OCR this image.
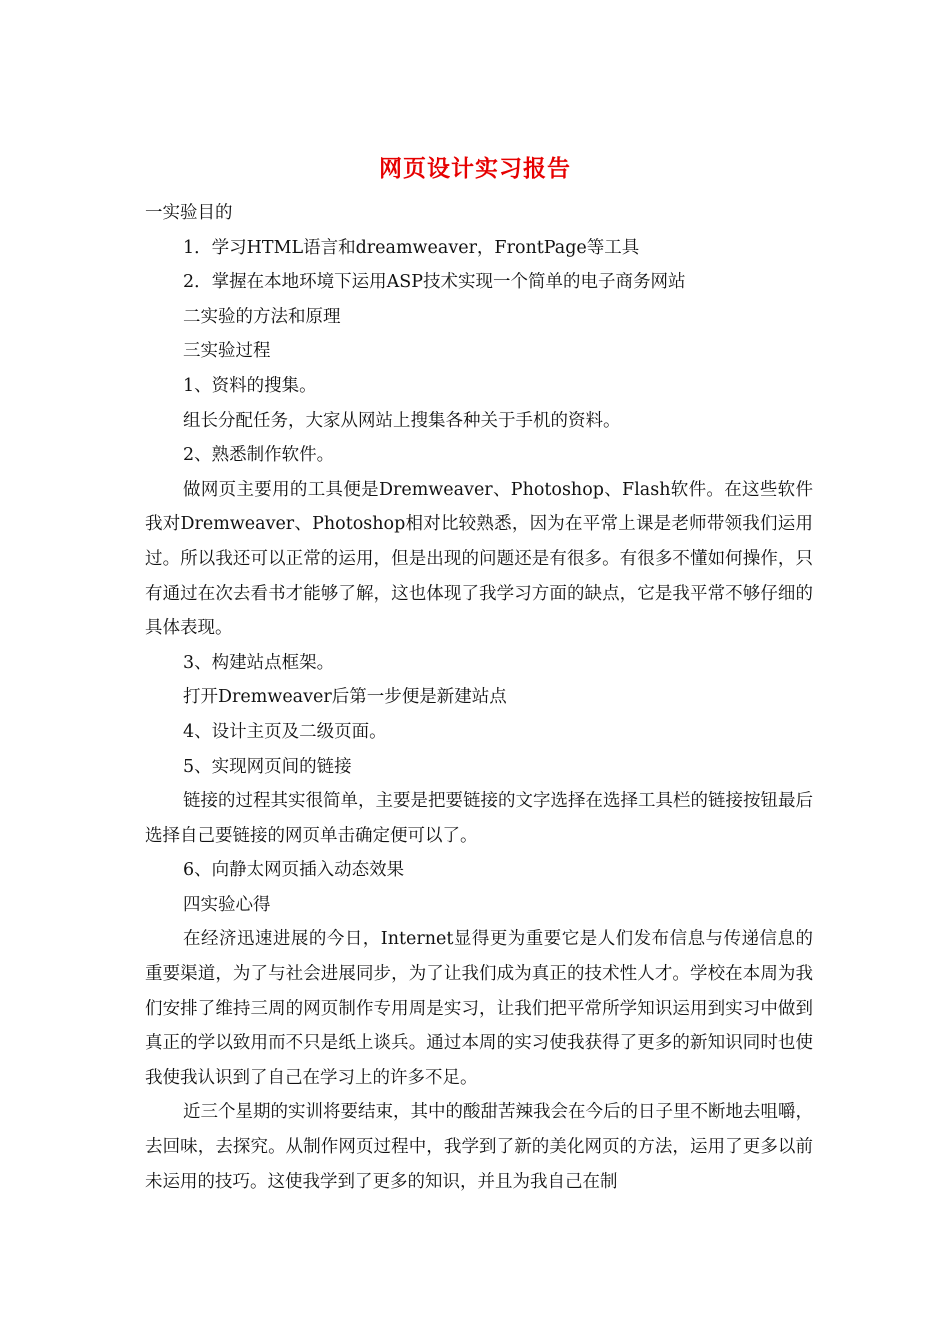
网页设计实习报告

一实验目的

1．学习HTML语言和dreamweaver，FrontPage等工具

2．掌握在本地环境下运用ASP技术实现一个简单的电子商务网站

二实验的方法和原理

三实验过程

1、资料的搜集。

组长分配任务，大家从网站上搜集各种关于手机的资料。

2、熟悉制作软件。

做网页主要用的工具便是Dremweaver、Photoshop、Flash软件。在这些软件我对Dremweaver、Photoshop相对比较熟悉，因为在平常上课是老师带领我们运用过。所以我还可以正常的运用，但是出现的问题还是有很多。有很多不懂如何操作，只有通过在次去看书才能够了解，这也体现了我学习方面的缺点，它是我平常不够仔细的具体表现。

3、构建站点框架。

打开Dremweaver后第一步便是新建站点

4、设计主页及二级页面。

5、实现网页间的链接

链接的过程其实很简单，主要是把要链接的文字选择在选择工具栏的链接按钮最后选择自己要链接的网页单击确定便可以了。

6、向静太网页插入动态效果

四实验心得

在经济迅速进展的今日，Internet显得更为重要它是人们发布信息与传递信息的重要渠道，为了与社会进展同步，为了让我们成为真正的技术性人才。学校在本周为我们安排了维持三周的网页制作专用周是实习，让我们把平常所学知识运用到实习中做到真正的学以致用而不只是纸上谈兵。通过本周的实习使我获得了更多的新知识同时也使我使我认识到了自己在学习上的许多不足。

近三个星期的实训将要结束，其中的酸甜苦辣我会在今后的日子里不断地去咀嚼，去回味，去探究。从制作网页过程中，我学到了新的美化网页的方法，运用了更多以前未运用的技巧。这使我学到了更多的知识，并且为我自己在制
